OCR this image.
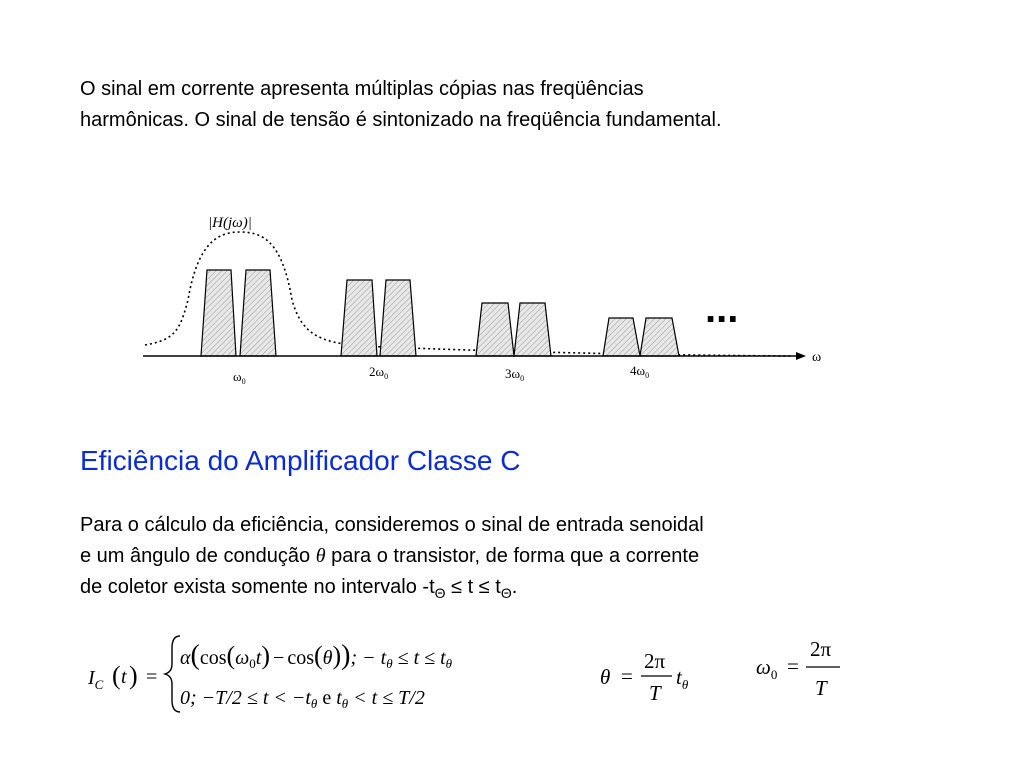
O sinal em corrente apresenta múltiplas cópias nas freqüências
harmônicas. O sinal de tensão é sintonizado na freqüência fundamental.
|H(jω)|
...
ω
$\omega_0$
$2\omega_0$	$3\omega_0$
$4\omega_0$
$I_C$ ( t ) =
$\alpha(\cos(\omega_0t) - \cos(\theta))$; − $t_\theta \le t \le t_\theta$
0; $-T/2 \le t < -t_\theta$ e $t_\theta < t \le T/2$
θ =
2π
T
$t_\theta$
$\omega_0$ =
2π
T
Eficiência do Amplificador Classe C
Para o cálculo da eficiência, consideremos o sinal de entrada senoidal
e um ângulo de condução θ para o transistor, de forma que a corrente
de coletor exista somente no intervalo $-t_\Theta \le t \le t_\Theta$.
